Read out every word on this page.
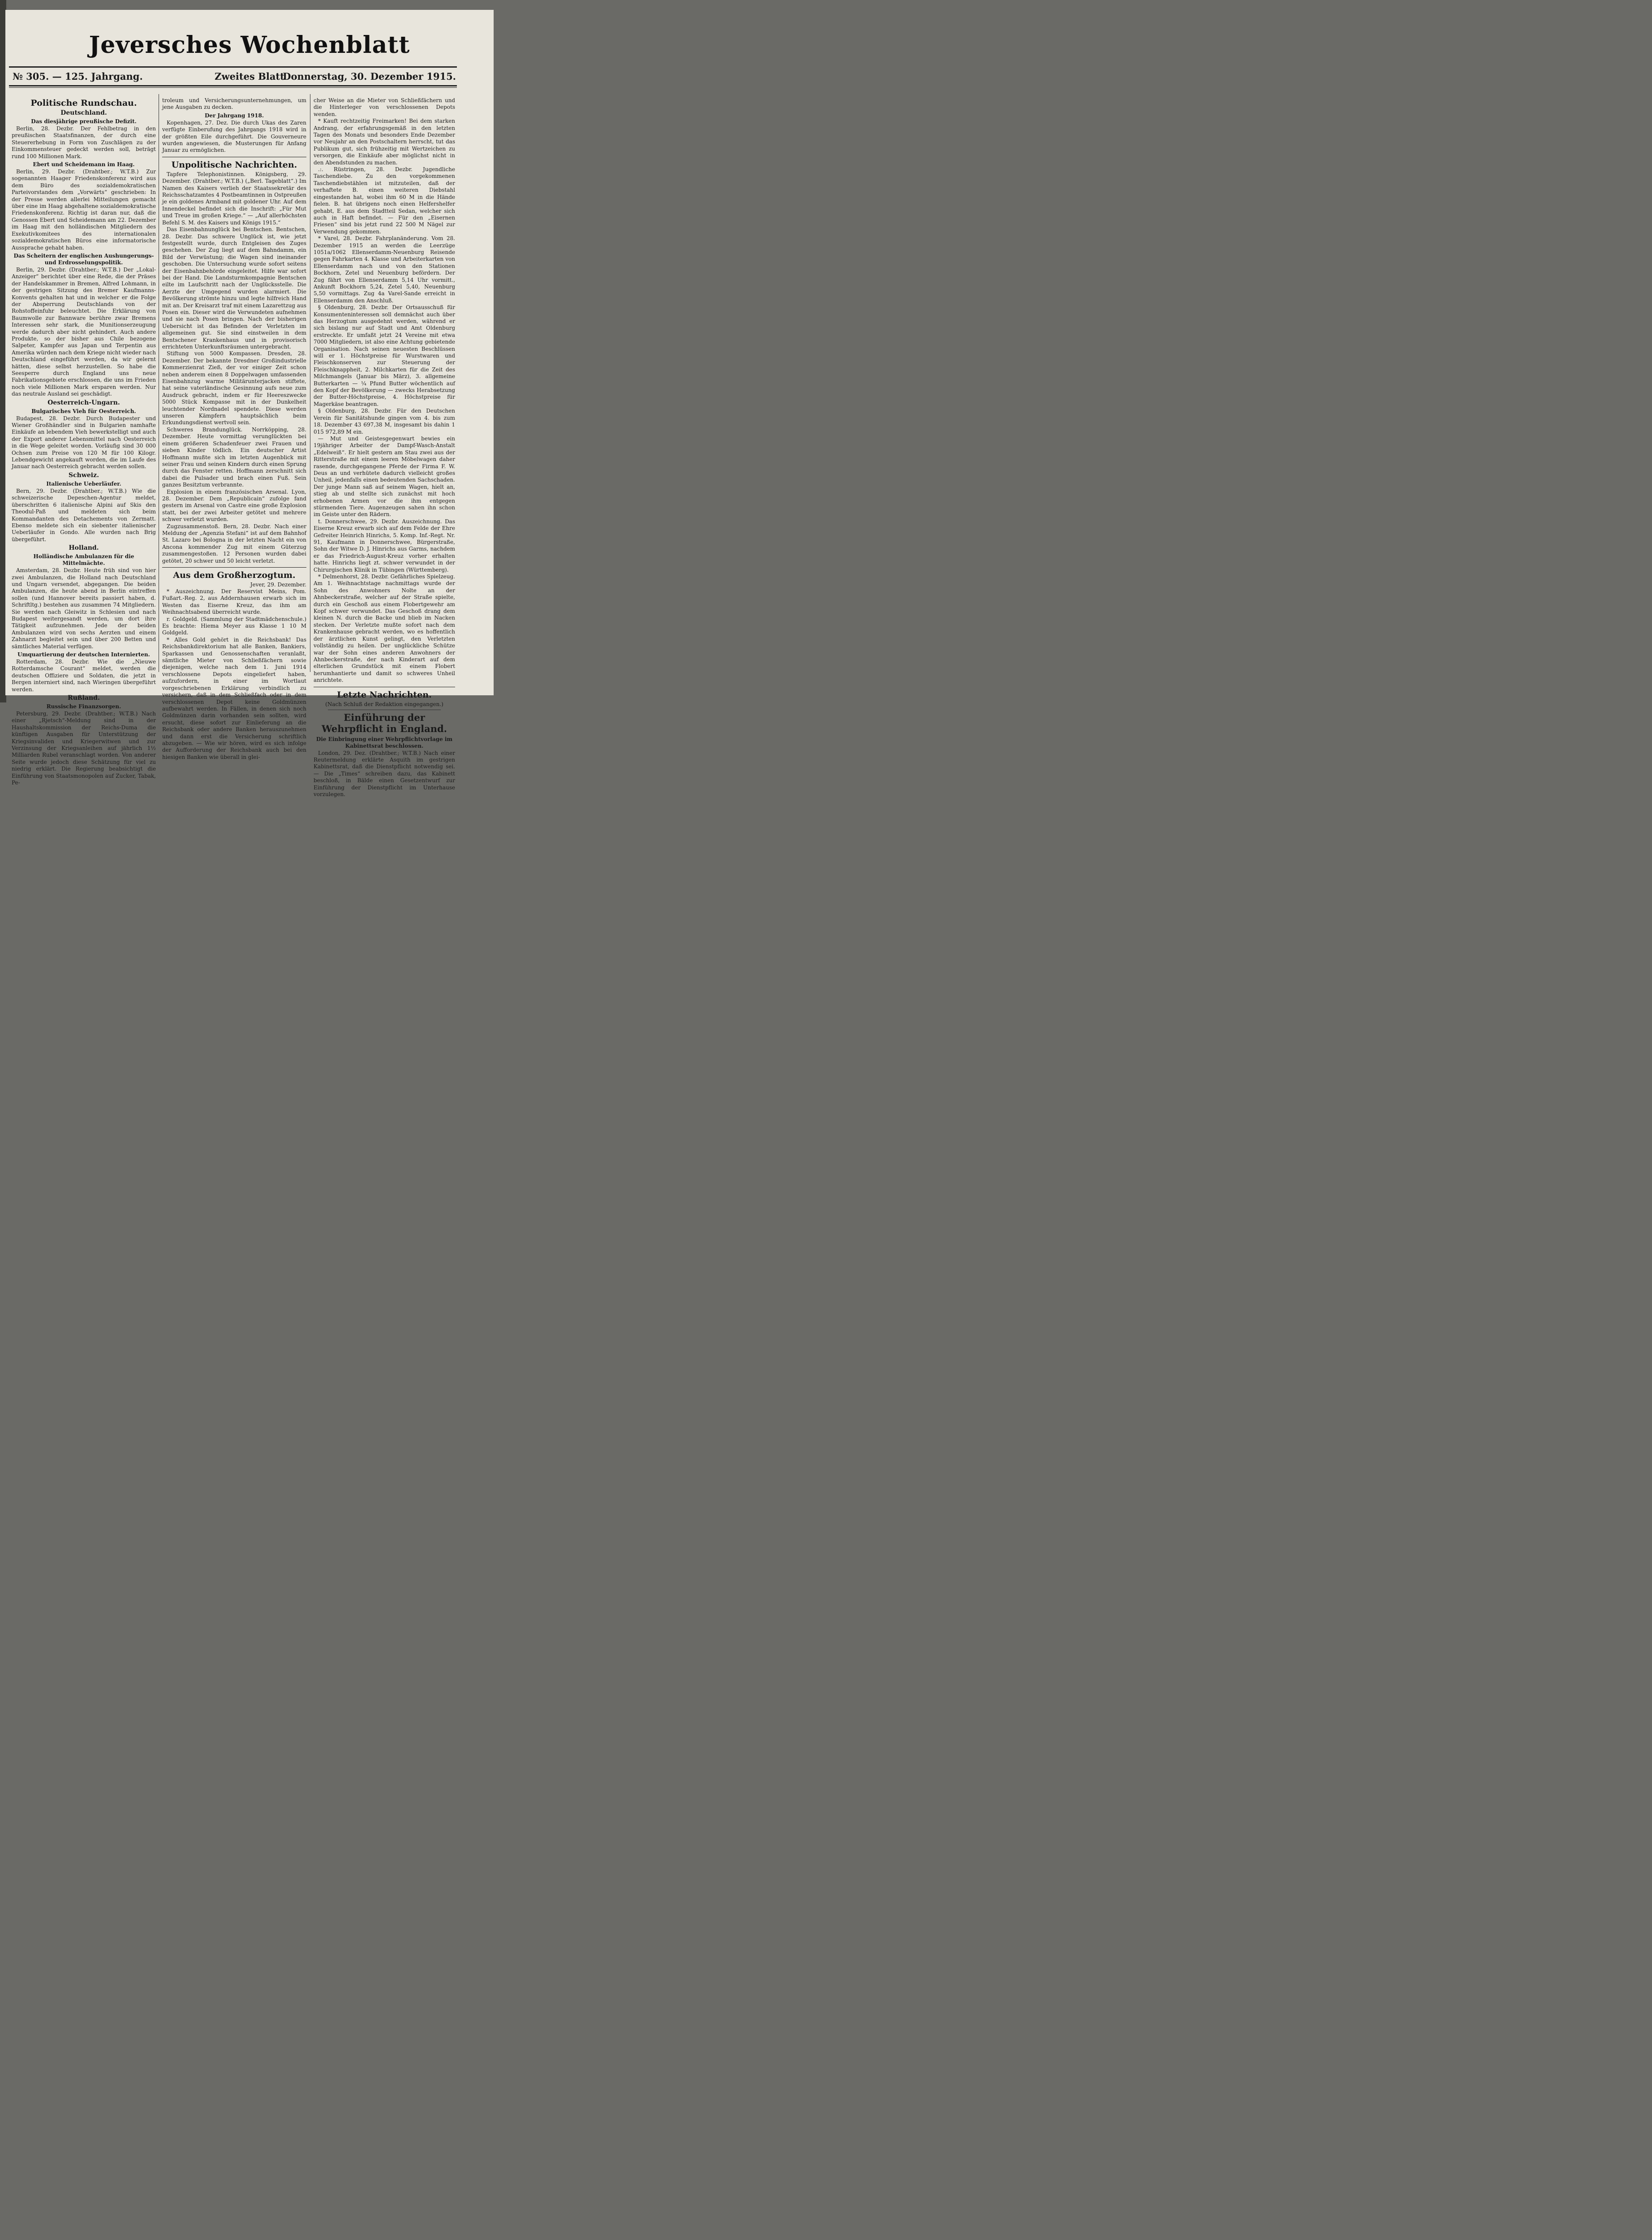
Jeversches Wochenblatt
№ 305. — 125. Jahrgang.	Zweites Blatt
Donnerstag, 30. Dezember 1915.
Politische Rundschau.
Deutschland.
Das diesjährige preußische Defizit.

Berlin, 28. Dezbr. Der Fehlbetrag in den preußischen Staatsfinanzen, der durch eine Steuererhebung in Form von Zuschlägen zu der Einkommensteuer gedeckt werden soll, beträgt rund 100 Millionen Mark.

Ebert und Scheidemann im Haag.

Berlin, 29. Dezbr. (Drahtber.; W.T.B.) Zur sogenannten Haager Friedenskonferenz wird aus dem Büro des sozialdemokratischen Parteivorstandes dem „Vorwärts“ geschrieben: In der Presse werden allerlei Mitteilungen gemacht über eine im Haag abgehaltene sozialdemokratische Friedenskonferenz. Richtig ist daran nur, daß die Genossen Ebert und Scheidemann am 22. Dezember im Haag mit den holländischen Mitgliedern des Exekutivkomitees des internationalen sozialdemokratischen Büros eine informatorische Aussprache gehabt haben.

Das Scheitern der englischen Aushungerungs- und Erdrosselungspolitik.

Berlin, 29. Dezbr. (Drahtber.; W.T.B.) Der „Lokal-Anzeiger“ berichtet über eine Rede, die der Präses der Handelskammer in Bremen, Alfred Lohmann, in der gestrigen Sitzung des Bremer Kaufmanns-Konvents gehalten hat und in welcher er die Folge der Absperrung Deutschlands von der Rohstoffeinfuhr beleuchtet. Die Erklärung von Baumwolle zur Bannware berühre zwar Bremens Interessen sehr stark, die Munitionserzeugung werde dadurch aber nicht gehindert. Auch andere Produkte, so der bisher aus Chile bezogene Salpeter, Kampfer aus Japan und Terpentin aus Amerika würden nach dem Kriege nicht wieder nach Deutschland eingeführt werden, da wir gelernt hätten, diese selbst herzustellen. So habe die Seesperre durch England uns neue Fabrikationsgebiete erschlossen, die uns im Frieden noch viele Millionen Mark ersparen werden. Nur das neutrale Ausland sei geschädigt.

Oesterreich-Ungarn.
Bulgarisches Vieh für Oesterreich.

Budapest, 28. Dezbr. Durch Budapester und Wiener Großhändler sind in Bulgarien namhafte Einkäufe an lebendem Vieh bewerkstelligt und auch der Export anderer Lebensmittel nach Oesterreich in die Wege geleitet worden. Vorläufig sind 30 000 Ochsen zum Preise von 120 M für 100 Kilogr. Lebendgewicht angekauft worden, die im Laufe des Januar nach Oesterreich gebracht werden sollen.

Schweiz.
Italienische Ueberläufer.

Bern, 29. Dezbr. (Drahtber.; W.T.B.) Wie die schweizerische Depeschen-Agentur meldet, überschritten 6 italienische Alpini auf Skis den Theodul-Paß und meldeten sich beim Kommandanten des Detachements von Zermatt. Ebenso meldete sich ein siebenter italienischer Ueberläufer in Gondo. Alle wurden nach Brig übergeführt.

Holland.
Holländische Ambulanzen für die Mittelmächte.

Amsterdam, 28. Dezbr. Heute früh sind von hier zwei Ambulanzen, die Holland nach Deutschland und Ungarn versendet, abgegangen. Die beiden Ambulanzen, die heute abend in Berlin eintreffen sollen (und Hannover bereits passiert haben, d. Schriftltg.) bestehen aus zusammen 74 Mitgliedern. Sie werden nach Gleiwitz in Schlesien und nach Budapest weitergesandt werden, um dort ihre Tätigkeit aufzunehmen. Jede der beiden Ambulanzen wird von sechs Aerzten und einem Zahnarzt begleitet sein und über 200 Betten und sämtliches Material verfügen.

Umquartierung der deutschen Internierten.

Rotterdam, 28. Dezbr. Wie die „Nieuwe Rotterdamsche Courant“ meldet, werden die deutschen Offiziere und Soldaten, die jetzt in Bergen interniert sind, nach Wieringen übergeführt werden.

Rußland.
Russische Finanzsorgen.

Petersburg, 29. Dezbr. (Drahtber.; W.T.B.) Nach einer „Rjetsch“-Meldung sind in der Haushaltskommission der Reichs-Duma die künftigen Ausgaben für Unterstützung der Kriegsinvaliden und Kriegerwitwen und zur Verzinsung der Kriegsanleihen auf jährlich 1½ Milliarden Rubel veranschlagt worden. Von anderer Seite wurde jedoch diese Schätzung für viel zu niedrig erklärt. Die Regierung beabsichtigt die Einführung von Staatsmonopolen auf Zucker, Tabak, Pe-

troleum und Versicherungsunternehmungen, um jene Ausgaben zu decken.

Der Jahrgang 1918.

Kopenhagen, 27. Dez. Die durch Ukas des Zaren verfügte Einberufung des Jahrgangs 1918 wird in der größten Eile durchgeführt. Die Gouverneure wurden angewiesen, die Musterungen für Anfang Januar zu ermöglichen.

Unpolitische Nachrichten.

Tapfere Telephonistinnen. Königsberg, 29. Dezember. (Drahtber.; W.T.B.) („Berl. Tageblatt“.) Im Namen des Kaisers verlieh der Staatssekretär des Reichsschatzamtes 4 Postbeamtinnen in Ostpreußen je ein goldenes Armband mit goldener Uhr. Auf dem Innendeckel befindet sich die Inschrift: „Für Mut und Treue im großen Kriege.“ — „Auf allerhöchsten Befehl S. M. des Kaisers und Königs 1915.“

Das Eisenbahnunglück bei Bentschen. Bentschen, 28. Dezbr. Das schwere Unglück ist, wie jetzt festgestellt wurde, durch Entgleisen des Zuges geschehen. Der Zug liegt auf dem Bahndamm, ein Bild der Verwüstung; die Wagen sind ineinander geschoben. Die Untersuchung wurde sofort seitens der Eisenbahnbehörde eingeleitet. Hilfe war sofort bei der Hand. Die Landsturmkompagnie Bentschen eilte im Laufschritt nach der Unglücksstelle. Die Aerzte der Umgegend wurden alarmiert. Die Bevölkerung strömte hinzu und legte hilfreich Hand mit an. Der Kreisarzt traf mit einem Lazarettzug aus Posen ein. Dieser wird die Verwundeten aufnehmen und sie nach Posen bringen. Nach der bisherigen Uebersicht ist das Befinden der Verletzten im allgemeinen gut. Sie sind einstweilen in dem Bentschener Krankenhaus und in provisorisch errichteten Unterkunftsräumen untergebracht.

Stiftung von 5000 Kompassen. Dresden, 28. Dezember. Der bekannte Dresdner Großindustrielle Kommerzienrat Zieß, der vor einiger Zeit schon neben anderem einen 8 Doppelwagen umfassenden Eisenbahnzug warme Militärunterjacken stiftete, hat seine vaterländische Gesinnung aufs neue zum Ausdruck gebracht, indem er für Heereszwecke 5000 Stück Kompasse mit in der Dunkelheit leuchtender Nordnadel spendete. Diese werden unseren Kämpfern hauptsächlich beim Erkundungsdienst wertvoll sein.

Schweres Brandunglück. Norrköpping, 28. Dezember. Heute vormittag verunglückten bei einem größeren Schadenfeuer zwei Frauen und sieben Kinder tödlich. Ein deutscher Artist Hoffmann mußte sich im letzten Augenblick mit seiner Frau und seinen Kindern durch einen Sprung durch das Fenster retten. Hoffmann zerschnitt sich dabei die Pulsader und brach einen Fuß. Sein ganzes Besitztum verbrannte.

Explosion in einem französischen Arsenal. Lyon, 28. Dezember. Dem „Republicain“ zufolge fand gestern im Arsenal von Castre eine große Explosion statt, bei der zwei Arbeiter getötet und mehrere schwer verletzt wurden.

Zugzusammenstoß. Bern, 28. Dezbr. Nach einer Meldung der „Agenzia Stefani“ ist auf dem Bahnhof St. Lazaro bei Bologna in der letzten Nacht ein von Ancona kommender Zug mit einem Güterzug zusammengestoßen. 12 Personen wurden dabei getötet, 20 schwer und 50 leicht verletzt.

Aus dem Großherzogtum.
Jever, 29. Dezember.

* Auszeichnung. Der Reservist Meins, Pom. Fußart.-Reg. 2, aus Addernhausen erwarb sich im Westen das Eiserne Kreuz, das ihm am Weihnachtsabend überreicht wurde.

r. Goldgeld. (Sammlung der Stadtmädchenschule.) Es brachte: Hiema Meyer aus Klasse 1 10 M Goldgeld.

* Alles Gold gehört in die Reichsbank! Das Reichsbankdirektorium hat alle Banken, Bankiers, Sparkassen und Genossenschaften veranlaßt, sämtliche Mieter von Schließfächern sowie diejenigen, welche nach dem 1. Juni 1914 verschlossene Depots eingeliefert haben, aufzufordern, in einer im Wortlaut vorgeschriebenen Erklärung verbindlich zu versichern, daß in dem Schließfach oder in dem verschlossenen Depot keine Goldmünzen aufbewahrt werden. In Fällen, in denen sich noch Goldmünzen darin vorhanden sein sollten, wird ersucht, diese sofort zur Einlieferung an die Reichsbank oder andere Banken herauszunehmen und dann erst die Versicherung schriftlich abzugeben. — Wie wir hören, wird es sich infolge der Aufforderung der Reichsbank auch bei den hiesigen Banken wie überall in glei-

cher Weise an die Mieter von Schließfächern und die Hinterleger von verschlossenen Depots wenden.

* Kauft rechtzeitig Freimarken! Bei dem starken Andrang, der erfahrungsgemäß in den letzten Tagen des Monats und besonders Ende Dezember vor Neujahr an den Postschaltern herrscht, tut das Publikum gut, sich frühzeitig mit Wertzeichen zu versorgen, die Einkäufe aber möglichst nicht in den Abendstunden zu machen.

.:. Rüstringen, 28. Dezbr. Jugendliche Taschendiebe. Zu den vorgekommenen Taschendiebstählen ist mitzuteilen, daß der verhaftete B. einen weiteren Diebstahl eingestanden hat, wobei ihm 60 M in die Hände fielen. B. hat übrigens noch einen Helfershelfer gehabt, E. aus dem Stadtteil Sedan, welcher sich auch in Haft befindet. — Für den „Eisernen Friesen“ sind bis jetzt rund 22 500 M Nägel zur Verwendung gekommen.

* Varel, 28. Dezbr. Fahrplanänderung. Vom 28. Dezember 1915 an werden die Leerzüge 1051a/1062 Ellenserdamm-Neuenburg Reisende gegen Fahrkarten 4. Klasse und Arbeiterkarten von Ellenserdamm nach und von den Stationen Bockhorn, Zetel und Neuenburg befördern. Der Zug fährt von Ellenserdamm 5,14 Uhr vormitt., Ankunft Bockhorn 5,24, Zetel 5,40, Neuenburg 5,50 vormittags. Zug 4a Varel-Sande erreicht in Ellenserdamm den Anschluß.

§ Oldenburg, 28. Dezbr. Der Ortsausschuß für Konsumenteninteressen soll demnächst auch über das Herzogtum ausgedehnt werden, während er sich bislang nur auf Stadt und Amt Oldenburg erstreckte. Er umfaßt jetzt 24 Vereine mit etwa 7000 Mitgliedern, ist also eine Achtung gebietende Organisation. Nach seinen neuesten Beschlüssen will er 1. Höchstpreise für Wurstwaren und Fleischkonserven zur Steuerung der Fleischknappheit, 2. Milchkarten für die Zeit des Milchmangels (Januar bis März), 3. allgemeine Butterkarten — ¼ Pfund Butter wöchentlich auf den Kopf der Bevölkerung — zwecks Herabsetzung der Butter-Höchstpreise, 4. Höchstpreise für Magerkäse beantragen.

§ Oldenburg, 28. Dezbr. Für den Deutschen Verein für Sanitätshunde gingen vom 4. bis zum 18. Dezember 43 697,38 M, insgesamt bis dahin 1 015 972,89 M ein.

— Mut und Geistesgegenwart bewies ein 19jähriger Arbeiter der Dampf-Wasch-Anstalt „Edelweiß“. Er hielt gestern am Stau zwei aus der Ritterstraße mit einem leeren Möbelwagen daher rasende, durchgegangene Pferde der Firma F. W. Deus an und verhütete dadurch vielleicht großes Unheil, jedenfalls einen bedeutenden Sachschaden. Der junge Mann saß auf seinem Wagen, hielt an, stieg ab und stellte sich zunächst mit hoch erhobenen Armen vor die ihm entgegen stürmenden Tiere. Augenzeugen sahen ihn schon im Geiste unter den Rädern.

t. Donnerschwee, 29. Dezbr. Auszeichnung. Das Eiserne Kreuz erwarb sich auf dem Felde der Ehre Gefreiter Heinrich Hinrichs, 5. Komp. Inf.-Regt. Nr. 91, Kaufmann in Donnerschwee, Bürgerstraße, Sohn der Witwe D. J. Hinrichs aus Garms, nachdem er das Friedrich-August-Kreuz vorher erhalten hatte. Hinrichs liegt zt. schwer verwundet in der Chirurgischen Klinik in Tübingen (Württemberg).

* Delmenhorst, 28. Dezbr. Gefährliches Spielzeug. Am 1. Weihnachtstage nachmittags wurde der Sohn des Anwohners Nolte an der Ahnbeckerstraße, welcher auf der Straße spielte, durch ein Geschoß aus einem Flobertgewehr am Kopf schwer verwundet. Das Geschoß drang dem kleinen N. durch die Backe und blieb im Nacken stecken. Der Verletzte mußte sofort nach dem Krankenhause gebracht werden, wo es hoffentlich der ärztlichen Kunst gelingt, den Verletzten vollständig zu heilen. Der unglückliche Schütze war der Sohn eines anderen Anwohners der Ahnbeckerstraße, der nach Kinderart auf dem elterlichen Grundstück mit einem Flobert herumhantierte und damit so schweres Unheil anrichtete.

Letzte Nachrichten.
(Nach Schluß der Redaktion eingegangen.)
Einführung der Wehrpflicht in England.
Die Einbringung einer Wehrpflichtvorlage im Kabinettsrat beschlossen.

London, 29. Dez. (Drahtber.; W.T.B.) Nach einer Reutermeldung erklärte Asquith im gestrigen Kabinettsrat, daß die Dienstpflicht notwendig sei. — Die „Times“ schreiben dazu, das Kabinett beschloß, in Bälde einen Gesetzentwurf zur Einführung der Dienstpflicht im Unterhause vorzulegen.
